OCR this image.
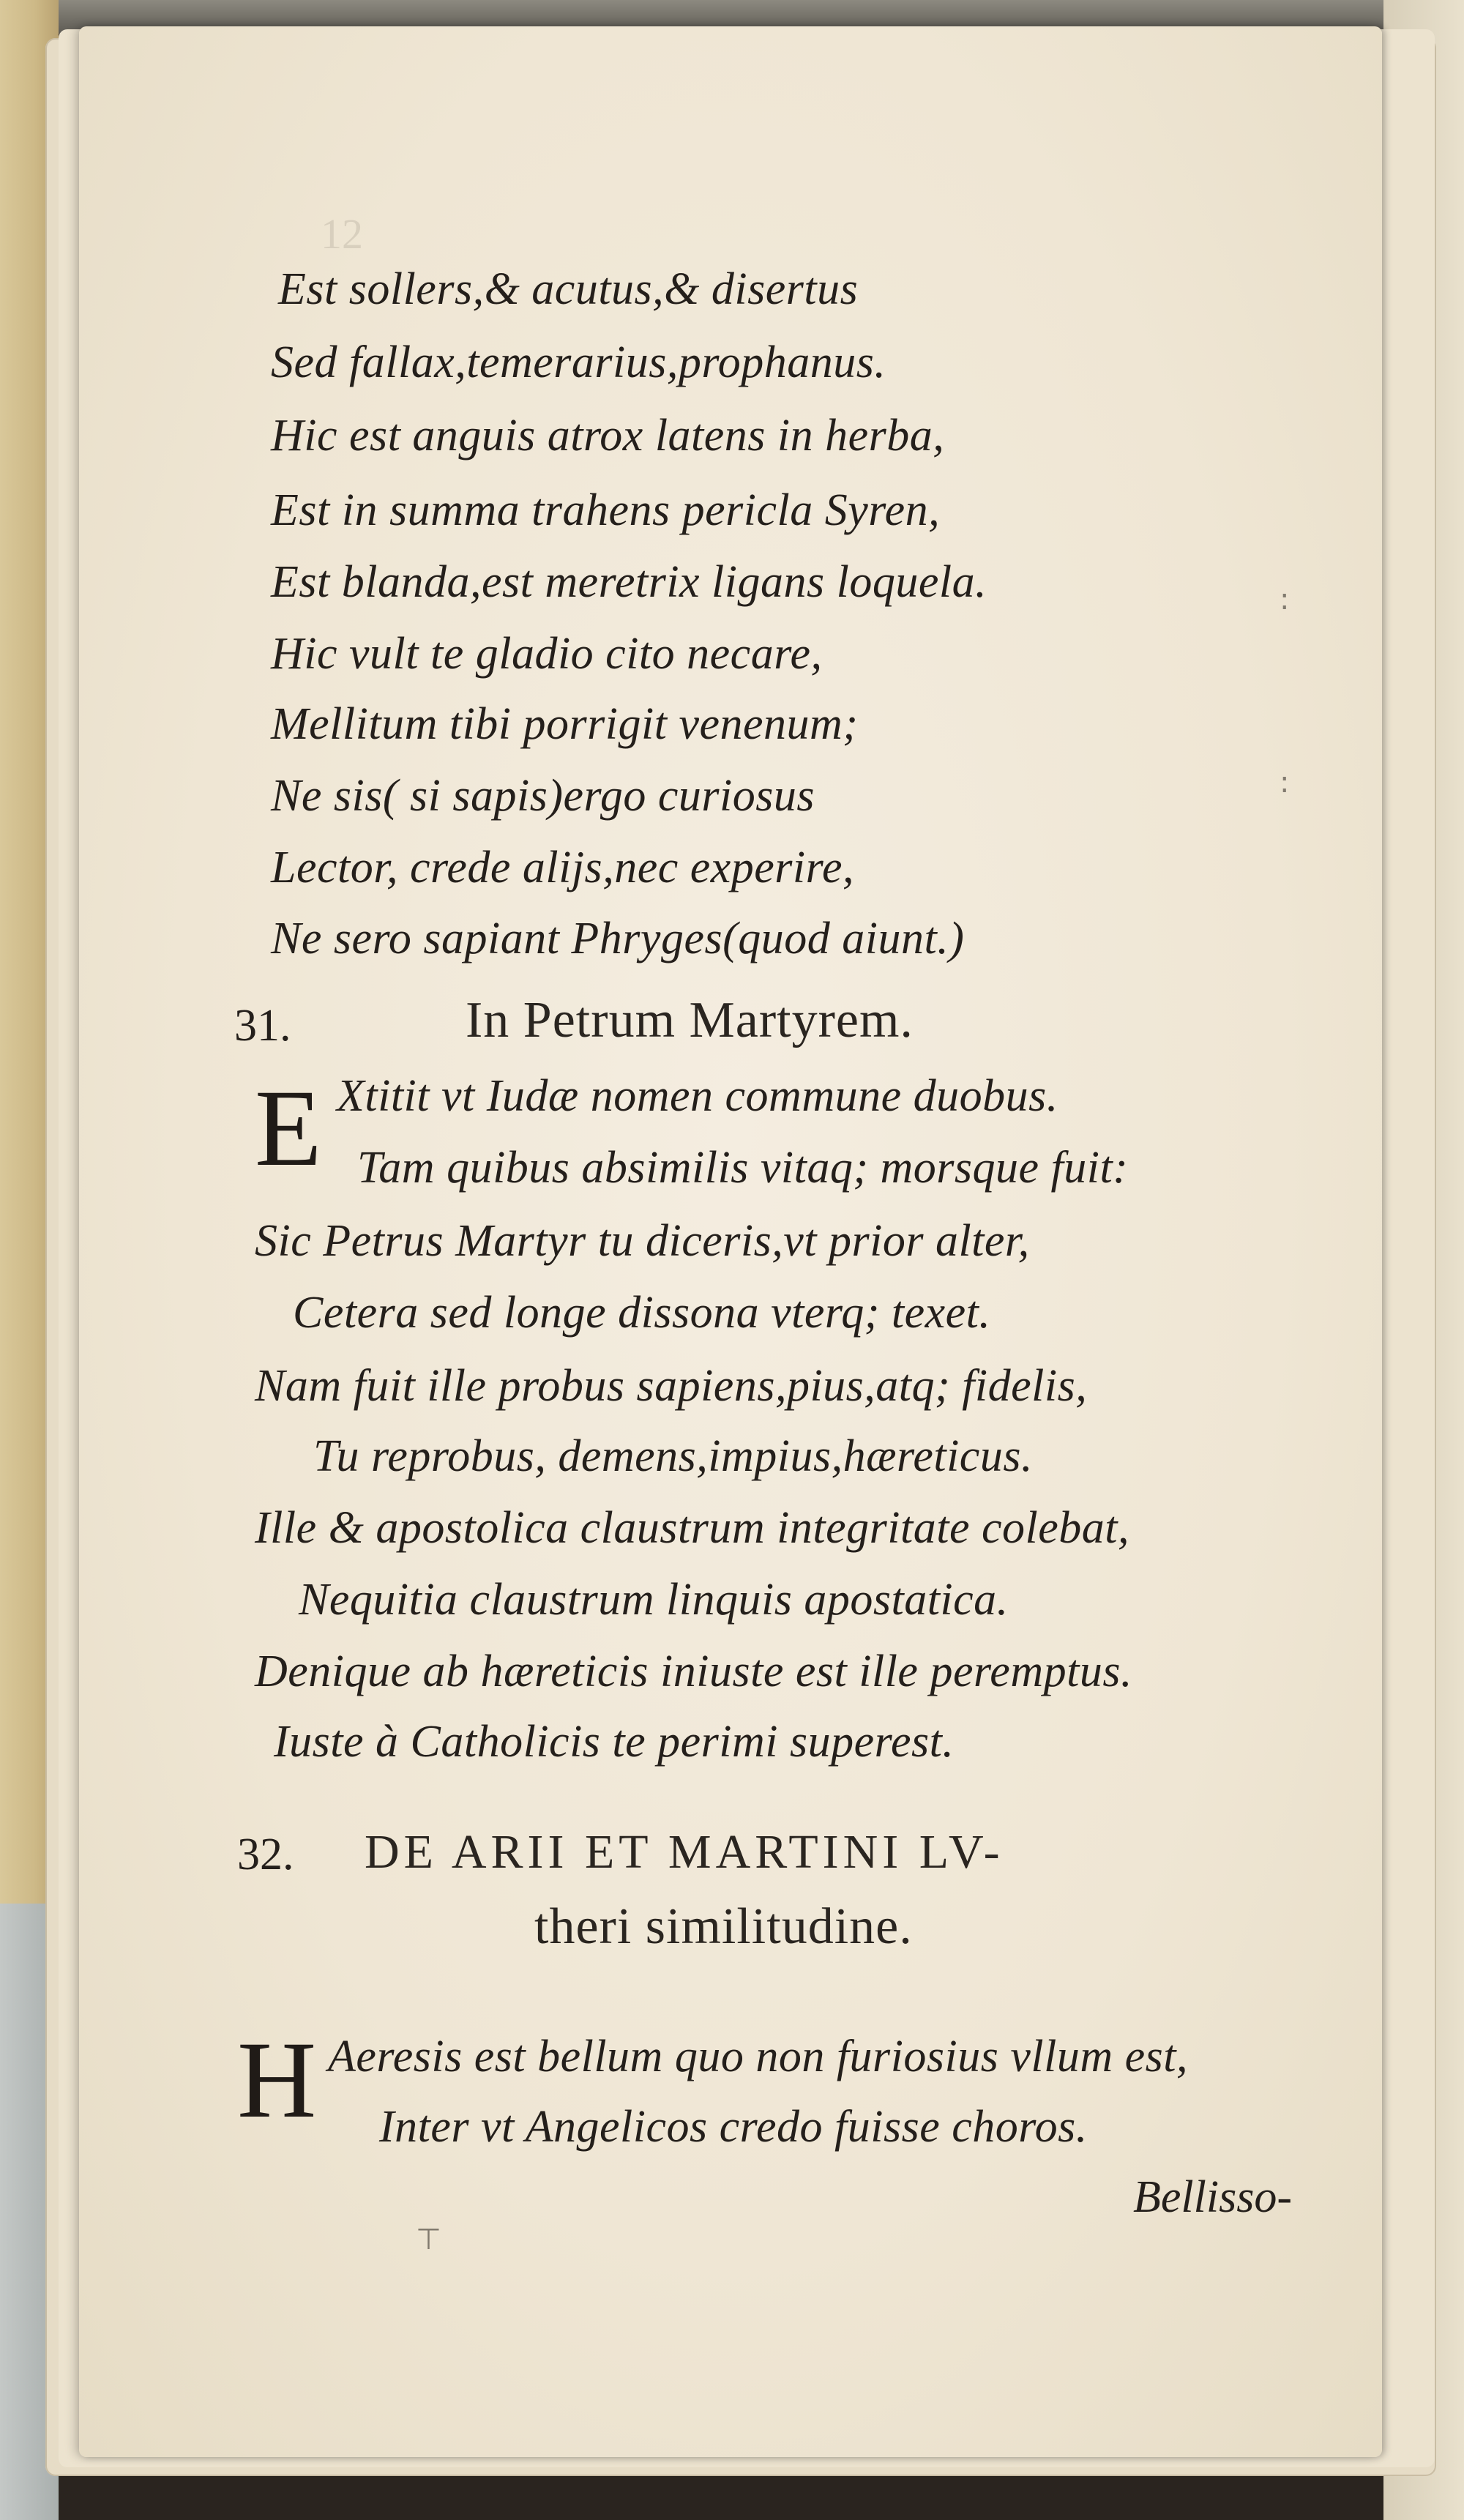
12
Est sollers,& acutus,& disertus
Sed fallax,temerarius,prophanus.
Hic est anguis atrox latens in herba,
Est in summa trahens pericla Syren,
Est blanda,est meretrix ligans loquela.
Hic vult te gladio cito necare,
Mellitum tibi porrigit venenum;
Ne sis( si sapis)ergo curiosus
Lector, crede alijs,nec experire,
Ne sero sapiant Phryges(quod aiunt.)
31.	In Petrum Martyrem.
E Xtitit vt Iudæ nomen commune duobus.
Tam quibus absimilis vitaq; morsque fuit:
Sic Petrus Martyr tu diceris,vt prior alter,
Cetera sed longe dissona vterq; texet.
Nam fuit ille probus sapiens,pius,atq; fidelis,
Tu reprobus, demens,impius,hæreticus.
Ille & apostolica claustrum integritate colebat,
Nequitia claustrum linquis apostatica.
Denique ab hæreticis iniuste est ille peremptus.
Iuste à Catholicis te perimi superest.
32. DE ARII ET MARTINI LV-
theri similitudine.
H Aeresis est bellum quo non furiosius vllum est,
Inter vt Angelicos credo fuisse choros.
Bellisso-
:
:
⊤
